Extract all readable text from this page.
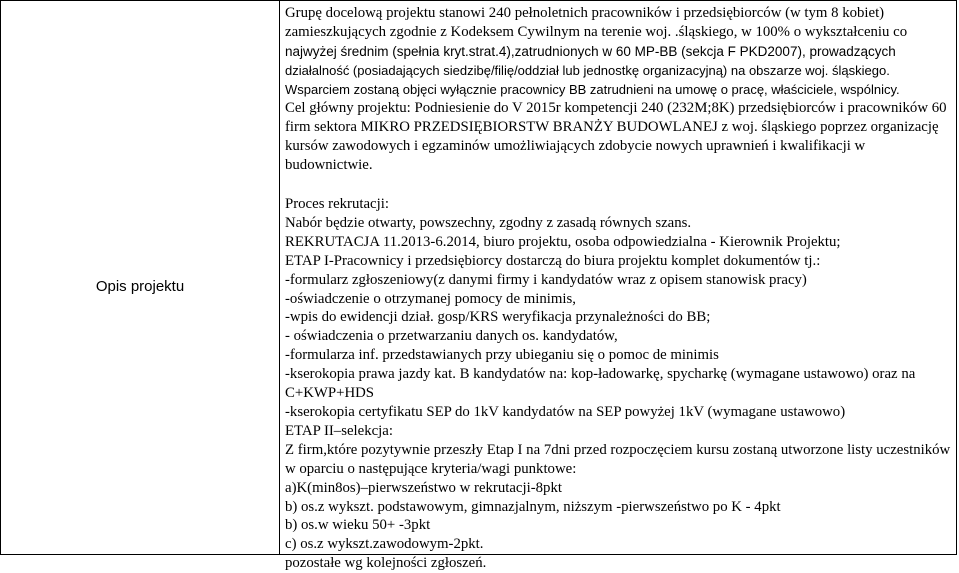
Opis projektu
Grupę docelową projektu stanowi 240 pełnoletnich pracowników i przedsiębiorców (w tym 8 kobiet)
zamieszkujących zgodnie z Kodeksem Cywilnym na terenie woj. .śląskiego, w 100% o wykształceniu co
najwyżej średnim (spełnia kryt.strat.4),zatrudnionych w 60 MP-BB (sekcja F PKD2007), prowadzących
działalność (posiadających siedzibę/filię/oddział lub jednostkę organizacyjną) na obszarze woj. śląskiego.
Wsparciem zostaną objęci wyłącznie pracownicy BB zatrudnieni na umowę o pracę, właściciele, wspólnicy.
Cel główny projektu: Podniesienie do V 2015r kompetencji 240 (232M;8K) przedsiębiorców i pracowników 60
firm sektora MIKRO PRZEDSIĘBIORSTW BRANŻY BUDOWLANEJ z woj. śląskiego poprzez organizację
kursów zawodowych i egzaminów umożliwiających zdobycie nowych uprawnień i kwalifikacji w
budownictwie.
Proces rekrutacji:
Nabór będzie otwarty, powszechny, zgodny z zasadą równych szans.
REKRUTACJA 11.2013-6.2014, biuro projektu, osoba odpowiedzialna - Kierownik Projektu;
ETAP I-Pracownicy i przedsiębiorcy dostarczą do biura projektu komplet dokumentów tj.:
-formularz zgłoszeniowy(z danymi firmy i kandydatów wraz z opisem stanowisk pracy)
-oświadczenie o otrzymanej pomocy de minimis,
-wpis do ewidencji dział. gosp/KRS weryfikacja przynależności do BB;
- oświadczenia o przetwarzaniu danych os. kandydatów,
-formularza inf. przedstawianych przy ubieganiu się o pomoc de minimis
-kserokopia prawa jazdy kat. B kandydatów na: kop-ładowarkę, spycharkę (wymagane ustawowo) oraz na
C+KWP+HDS
-kserokopia certyfikatu SEP do 1kV kandydatów na SEP powyżej 1kV (wymagane ustawowo)
ETAP II–selekcja:
Z firm,które pozytywnie przeszły Etap I na 7dni przed rozpoczęciem kursu zostaną utworzone listy uczestników
w oparciu o następujące kryteria/wagi punktowe:
a)K(min8os)–pierwszeństwo w rekrutacji-8pkt
b) os.z wykszt. podstawowym, gimnazjalnym, niższym -pierwszeństwo po K - 4pkt
b) os.w wieku 50+ -3pkt
c) os.z wykszt.zawodowym-2pkt.
pozostałe wg kolejności zgłoszeń.
